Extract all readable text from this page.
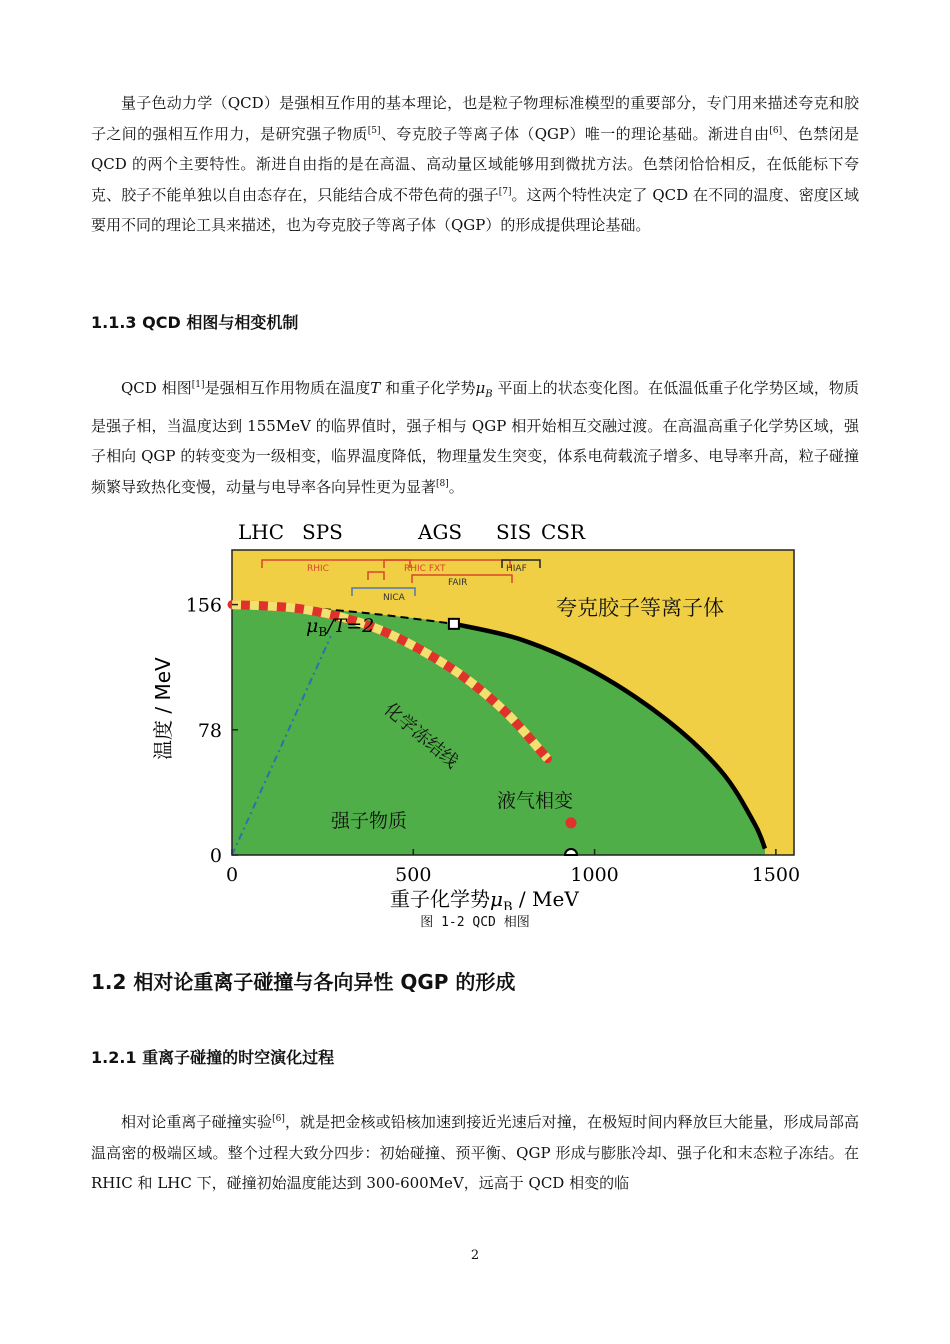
量子色动力学（QCD）是强相互作用的基本理论，也是粒子物理标准模型的重要部分，专门用来描述夸克和胶子之间的强相互作用力，是研究强子物质[5]、夸克胶子等离子体（QGP）唯一的理论基础。渐进自由[6]、色禁闭是 QCD 的两个主要特性。渐进自由指的是在高温、高动量区域能够用到微扰方法。色禁闭恰恰相反，在低能标下夸克、胶子不能单独以自由态存在，只能结合成不带色荷的强子[7]。这两个特性决定了 QCD 在不同的温度、密度区域要用不同的理论工具来描述，也为夸克胶子等离子体（QGP）的形成提供理论基础。

1.1.3 QCD 相图与相变机制

QCD 相图[1]是强相互作用物质在温度T 和重子化学势$\mu_B$ 平面上的状态变化图。在低温低重子化学势区域，物质是强子相，当温度达到 155MeV 的临界值时，强子相与 QGP 相开始相互交融过渡。在高温高重子化学势区域，强子相向 QGP 的转变变为一级相变，临界温度降低，物理量发生突变，体系电荷载流子增多、电导率升高，粒子碰撞频繁导致热化变慢，动量与电导率各向异性更为显著[8]。

0	500	1000	1500
0
78
156
LHC SPS	AGS SIS CSR
RHIC	RHIC FXT
FAIR
NICA
HIAF
夸克胶子等离子体
强子物质
化学冻结线
液气相变
$\mu_B/T=2$
温度 / MeV
重子化学势$\mu_B$ / MeV
图 1-2 QCD 相图
1.2 相对论重离子碰撞与各向异性 QGP 的形成
1.2.1 重离子碰撞的时空演化过程

相对论重离子碰撞实验[6]，就是把金核或铅核加速到接近光速后对撞，在极短时间内释放巨大能量，形成局部高温高密的极端区域。整个过程大致分四步：初始碰撞、预平衡、QGP 形成与膨胀冷却、强子化和末态粒子冻结。在 RHIC 和 LHC 下，碰撞初始温度能达到 300-600MeV，远高于 QCD 相变的临

2
